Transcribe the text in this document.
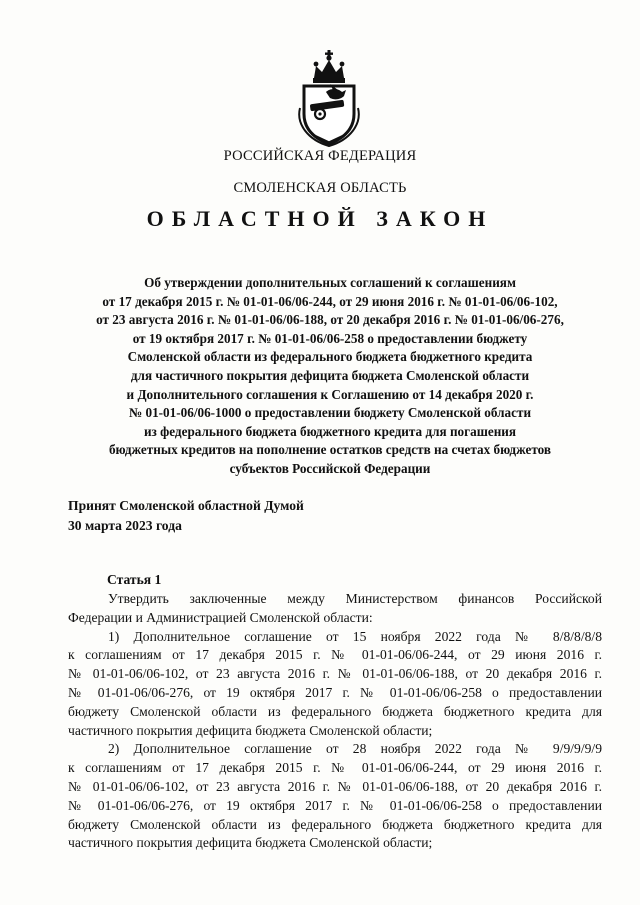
РОССИЙСКАЯ ФЕДЕРАЦИЯ
СМОЛЕНСКАЯ ОБЛАСТЬ
ОБЛАСТНОЙ ЗАКОН
Об утверждении дополнительных соглашений к соглашениям
от 17 декабря 2015 г. № 01-01-06/06-244, от 29 июня 2016 г. № 01-01-06/06-102,
от 23 августа 2016 г. № 01-01-06/06-188, от 20 декабря 2016 г. № 01-01-06/06-276,
от 19 октября 2017 г. № 01-01-06/06-258 о предоставлении бюджету
Смоленской области из федерального бюджета бюджетного кредита
для частичного покрытия дефицита бюджета Смоленской области
и Дополнительного соглашения к Соглашению от 14 декабря 2020 г.
№ 01-01-06/06-1000 о предоставлении бюджету Смоленской области
из федерального бюджета бюджетного кредита для погашения
бюджетных кредитов на пополнение остатков средств на счетах бюджетов
субъектов Российской Федерации
Принят Смоленской областной Думой
30 марта 2023 года
Статья 1
Утвердить заключенные между Министерством финансов Российской
Федерации и Администрацией Смоленской области:
1) Дополнительное соглашение от 15 ноября 2022 года № 8/8/8/8/8
к соглашениям от 17 декабря 2015 г. № 01-01-06/06-244, от 29 июня 2016 г.
№ 01-01-06/06-102, от 23 августа 2016 г. № 01-01-06/06-188, от 20 декабря 2016 г.
№ 01-01-06/06-276, от 19 октября 2017 г. № 01-01-06/06-258 о предоставлении
бюджету Смоленской области из федерального бюджета бюджетного кредита для
частичного покрытия дефицита бюджета Смоленской области;
2) Дополнительное соглашение от 28 ноября 2022 года № 9/9/9/9/9
к соглашениям от 17 декабря 2015 г. № 01-01-06/06-244, от 29 июня 2016 г.
№ 01-01-06/06-102, от 23 августа 2016 г. № 01-01-06/06-188, от 20 декабря 2016 г.
№ 01-01-06/06-276, от 19 октября 2017 г. № 01-01-06/06-258 о предоставлении
бюджету Смоленской области из федерального бюджета бюджетного кредита для
частичного покрытия дефицита бюджета Смоленской области;
